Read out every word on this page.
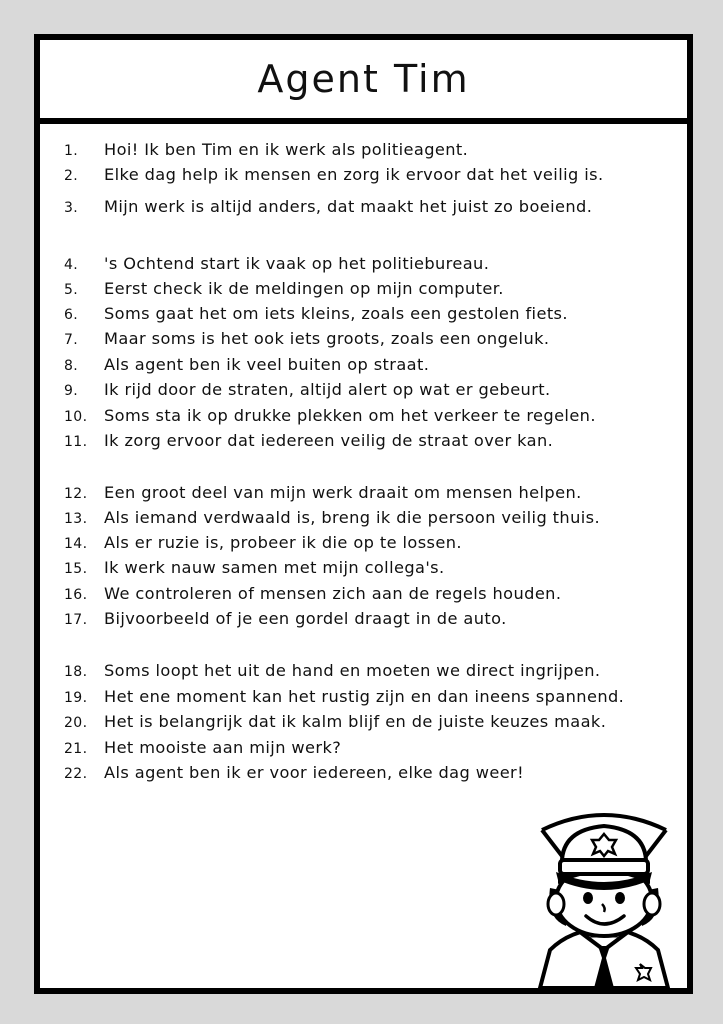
Agent Tim
1. Hoi! Ik ben Tim en ik werk als politieagent.
2. Elke dag help ik mensen en zorg ik ervoor dat het veilig is.
3. Mijn werk is altijd anders, dat maakt het juist zo boeiend.
4. 's Ochtend start ik vaak op het politiebureau.
5. Eerst check ik de meldingen op mijn computer.
6. Soms gaat het om iets kleins, zoals een gestolen fiets.
7. Maar soms is het ook iets groots, zoals een ongeluk.
8. Als agent ben ik veel buiten op straat.
9. Ik rijd door de straten, altijd alert op wat er gebeurt.
10. Soms sta ik op drukke plekken om het verkeer te regelen.
11. Ik zorg ervoor dat iedereen veilig de straat over kan.
12. Een groot deel van mijn werk draait om mensen helpen.
13. Als iemand verdwaald is, breng ik die persoon veilig thuis.
14. Als er ruzie is, probeer ik die op te lossen.
15. Ik werk nauw samen met mijn collega's.
16. We controleren of mensen zich aan de regels houden.
17. Bijvoorbeeld of je een gordel draagt in de auto.
18. Soms loopt het uit de hand en moeten we direct ingrijpen.
19. Het ene moment kan het rustig zijn en dan ineens spannend.
20. Het is belangrijk dat ik kalm blijf en de juiste keuzes maak.
21. Het mooiste aan mijn werk?
22. Als agent ben ik er voor iedereen, elke dag weer!
